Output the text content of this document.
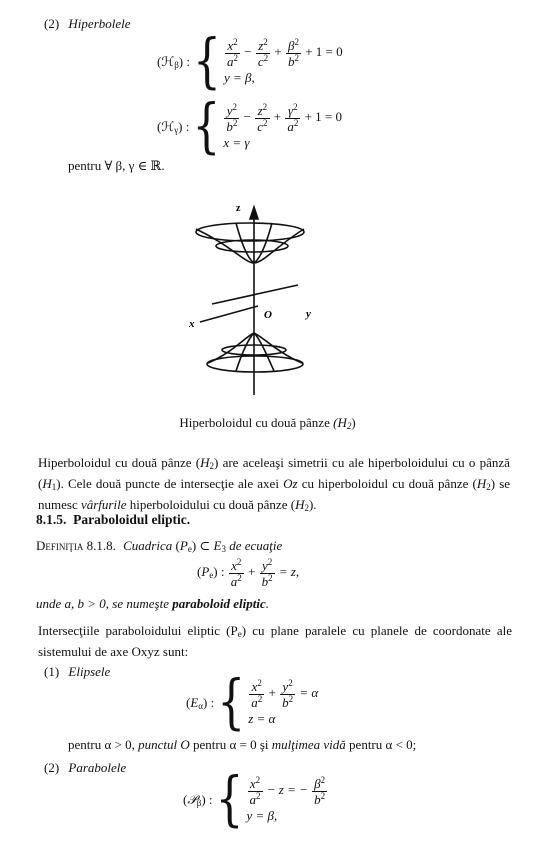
(2) Hiperbolele
(ℋ$_\beta$) : { $\frac{x^2}{a^2} - \frac{z^2}{c^2} + \frac{\beta^2}{b^2} + 1 = 0$
y = β,
(ℋ$_\gamma$) : { $\frac{y^2}{b^2} - \frac{z^2}{c^2} + \frac{\gamma^2}{a^2} + 1 = 0$
x = γ
pentru ∀ β, γ ∈ ℝ.
z
O	y
x
Hiperboloidul cu două pânze $(H_2)$
Hiperboloidul cu două pânze $(H_2)$ are aceleaşi simetrii cu ale hiperboloidului cu o pânză $(H_1)$. Cele două puncte de intersecţie ale axei Oz cu hiperboloidul cu două pânze $(H_2)$ se numesc vârfurile hiperboloidului cu două pânze $(H_2)$.
8.1.5. Paraboloidul eliptic.
Definiţia 8.1.8. Cuadrica $(P_e)$ ⊂ $E_3$ de ecuaţie
$(P_e)$ : $\frac{x^2}{a^2} + \frac{y^2}{b^2} = z$,
unde a, b > 0, se numeşte paraboloid eliptic.
Intersecţiile paraboloidului eliptic $(P_e)$ cu plane paralele cu planele de coordonate ale sistemului de axe Oxyz sunt:
(1) Elipsele
$(E_\alpha)$ : { $\frac{x^2}{a^2} + \frac{y^2}{b^2} = \alpha$
z = α
pentru α > 0, punctul O pentru α = 0 şi mulţimea vidă pentru α < 0;
(2) Parabolele
(𝒫$_\beta$) : { $\frac{x^2}{a^2} - z$ = − $\frac{\beta^2}{b^2}$
y = β,
